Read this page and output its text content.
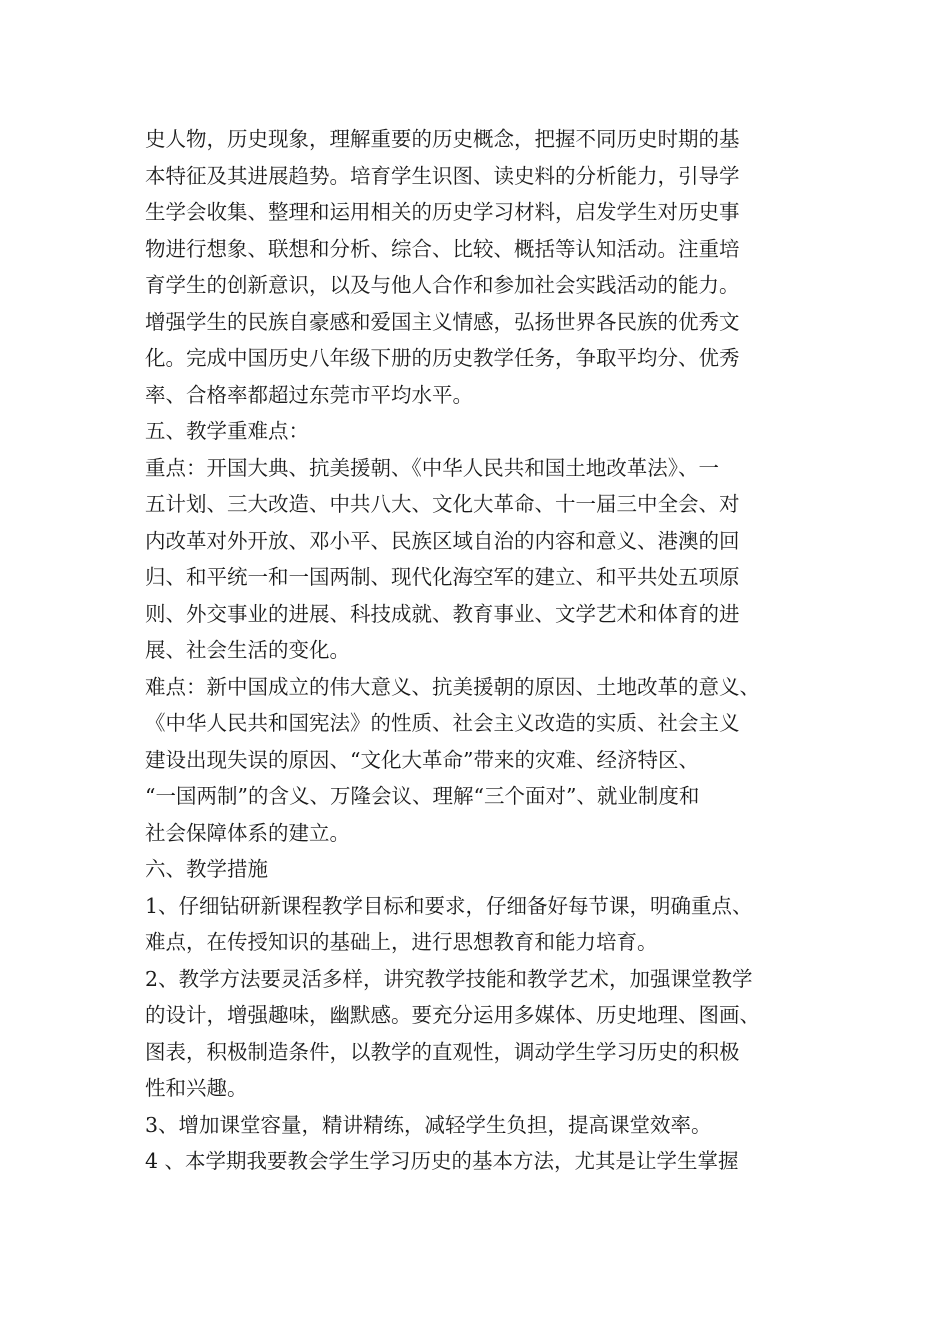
史人物，历史现象，理解重要的历史概念，把握不同历史时期的基
本特征及其进展趋势。培育学生识图、读史料的分析能力，引导学
生学会收集、整理和运用相关的历史学习材料，启发学生对历史事
物进行想象、联想和分析、综合、比较、概括等认知活动。注重培
育学生的创新意识，以及与他人合作和参加社会实践活动的能力。
增强学生的民族自豪感和爱国主义情感，弘扬世界各民族的优秀文
化。完成中国历史八年级下册的历史教学任务，争取平均分、优秀
率、合格率都超过东莞市平均水平。
五、教学重难点：
重点：开国大典、抗美援朝、《中华人民共和国土地改革法》、一
五计划、三大改造、中共八大、文化大革命、十一届三中全会、对
内改革对外开放、邓小平、民族区域自治的内容和意义、港澳的回
归、和平统一和一国两制、现代化海空军的建立、和平共处五项原
则、外交事业的进展、科技成就、教育事业、文学艺术和体育的进
展、社会生活的变化。
难点：新中国成立的伟大意义、抗美援朝的原因、土地改革的意义、
《中华人民共和国宪法》的性质、社会主义改造的实质、社会主义
建设出现失误的原因、“文化大革命”带来的灾难、经济特区、
“一国两制”的含义、万隆会议、理解“三个面对”、就业制度和
社会保障体系的建立。
六、教学措施
1、仔细钻研新课程教学目标和要求，仔细备好每节课，明确重点、
难点，在传授知识的基础上，进行思想教育和能力培育。
2、教学方法要灵活多样，讲究教学技能和教学艺术，加强课堂教学
的设计，增强趣味，幽默感。要充分运用多媒体、历史地理、图画、
图表，积极制造条件，以教学的直观性，调动学生学习历史的积极
性和兴趣。
3、增加课堂容量，精讲精练，减轻学生负担，提高课堂效率。
4 、本学期我要教会学生学习历史的基本方法，尤其是让学生掌握
